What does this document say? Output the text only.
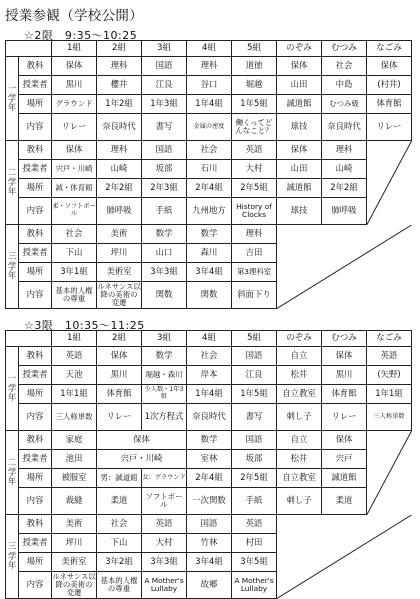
授業参観（学校公開）
☆2限　9:35～10:25
		1組	2組	3組	4組	5組	のぞみ	むつみ	なごみ

一
学
年	教科	保体	理科	国語	理科	道徳	保体	社会	保体
	授業者	黒川	櫻井	江良	谷口	堀越	山田	中島	(村井)
	場所	グラウンド	1年2組	1年3組	1年4組	1年5組	誠道館	むつみ級	体育館
	内容	リレー	奈良時代	書写	金属の密度	働くってどんなこと？	球技	奈良時代	リレー

二
学
年	教科	保体	理科	国語	社会	英語	保体	理科	

	授業者	宍戸・川崎	山崎	坂部	石川	大村	山田	山崎	
	場所	誠・体育館	2年2組	2年3組	2年4組	2年5組	誠道館	2年2組	
	内容	柔・ソフトボール	肺呼吸	手紙	九州地方	History of Clocks	球技	肺呼吸	

三
学
年	教科	社会	美術	数学	数学	理科	

	授業者	下山	坪川	山口	森川	吉田			
	場所	3年1組	美術室	3年3組	3年4組	第3理科室			
	内容	基本的人権の尊重	ルネサンス以降の美術の変遷	関数	関数	斜面下り			
☆3限　10:35～11:25
		1組	2組	3組	4組	5組	のぞみ	むつみ	なごみ

一
学
年	教科	英語	保体	数学	社会	国語	自立	保体	英語
	授業者	天池	黒川	堀越・森川	岸本	江良	松井	黒川	(矢野)
	場所	1年1組	体育館	少人数・1年3組	1年4組	1年5組	自立教室	体育館	1年1組
	内容	三人称単数	リレー	1次方程式	奈良時代	書写	刺し子	リレー	三人称単数

二
学
年	教科	家庭	保体		数学	国語	自立	保体	

	授業者	池田	宍戸・川崎		室林	坂部	松井	宍戸	
	場所	被服室	男：誠道館	女：グラウンド	2年4組	2年5組	自立教室	誠道館	
	内容	裁縫	柔道	ソフトボール	一次関数	手紙	刺し子	柔道	

三
学
年	教科	美術	社会	英語	国語	英語	

	授業者	坪川	下山	大村	竹林	村田			
	場所	美術室	3年2組	3年3組	3年4組	3年5組			
	内容	ルネサンス以降の美術の変遷	基本的人権の尊重	A Mother's Lullaby	故郷	A Mother's Lullaby			
